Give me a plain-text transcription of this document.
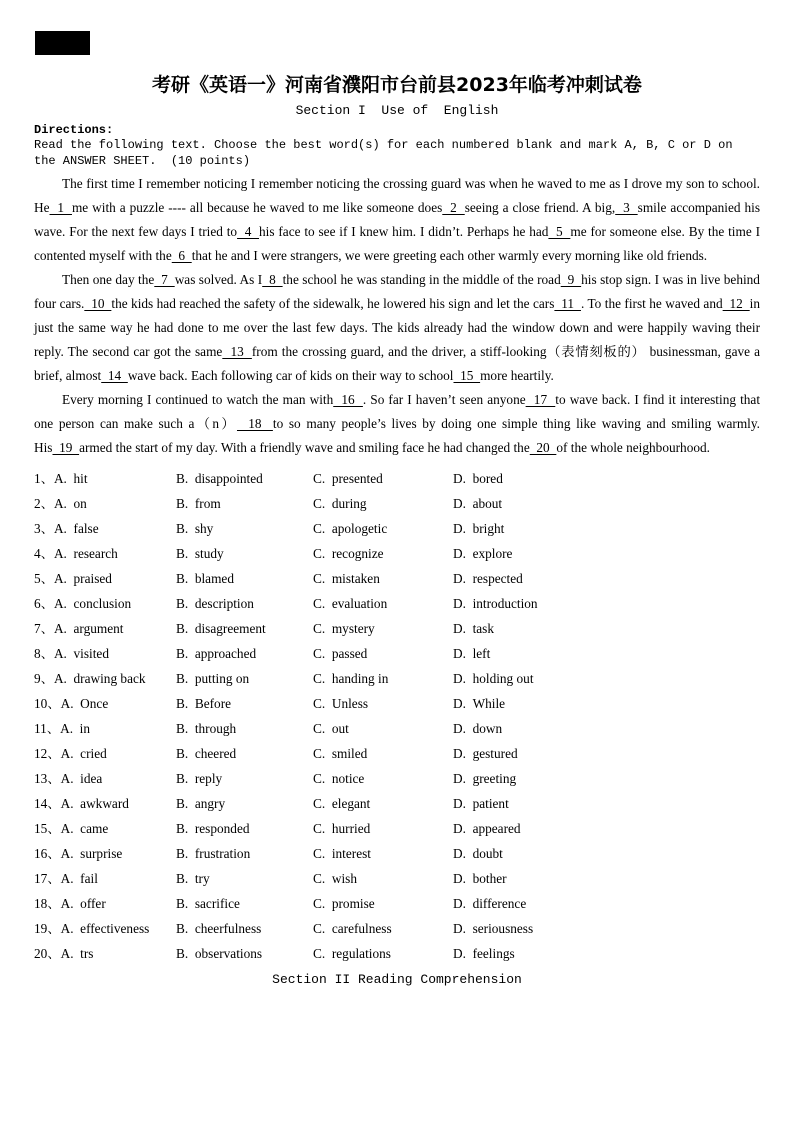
考研《英语一》河南省濮阳市台前县2023年临考冲刺试卷
Section I  Use of  English
Directions:
Read the following text. Choose the best word(s) for each numbered blank and mark A, B, C or D on the ANSWER SHEET.  (10 points)

The first time I remember noticing I remember noticing the crossing guard was when he waved to me as I drove my son to school. He  1  me with a puzzle ---- all because he waved to me like someone does  2  seeing a close friend. A big,  3  smile accompanied his wave. For the next few days I tried to  4  his face to see if I knew him. I didn’t. Perhaps he had  5  me for someone else. By the time I contented myself with the  6  that he and I were strangers, we were greeting each other warmly every morning like old friends.

Then one day the  7  was solved. As I  8  the school he was standing in the middle of the road  9  his stop sign. I was in live behind four cars.  10  the kids had reached the safety of the sidewalk, he lowered his sign and let the cars  11  . To the first he waved and  12  in just the same way he had done to me over the last few days. The kids already had the window down and were happily waving their reply. The second car got the same  13  from the crossing guard, and the driver, a stiff-looking（表情刻板的） businessman, gave a brief, almost  14  wave back. Each following car of kids on their way to school  15  more heartily.

Every morning I continued to watch the man with  16  . So far I haven’t seen anyone  17  to wave back. I find it interesting that one person can make such a（n）  18  to so many people’s lives by doing one simple thing like waving and smiling warmly. His  19  armed the start of my day. With a friendly wave and smiling face he had changed the  20  of the whole neighbourhood.

1、A.  hit	B.  disappointed	C.  presented	D.  bored
2、A.  on	B.  from	C.  during	D.  about
3、A.  false	B.  shy	C.  apologetic	D.  bright
4、A.  research	B.  study	C.  recognize	D.  explore
5、A.  praised	B.  blamed	C.  mistaken	D.  respected
6、A.  conclusion	B.  description	C.  evaluation	D.  introduction
7、A.  argument	B.  disagreement	C.  mystery	D.  task
8、A.  visited	B.  approached	C.  passed	D.  left
9、A.  drawing back	B.  putting on	C.  handing in	D.  holding out
10、A.  Once	B.  Before	C.  Unless	D.  While
11、A.  in	B.  through	C.  out	D.  down
12、A.  cried	B.  cheered	C.  smiled	D.  gestured
13、A.  idea	B.  reply	C.  notice	D.  greeting
14、A.  awkward	B.  angry	C.  elegant	D.  patient
15、A.  came	B.  responded	C.  hurried	D.  appeared
16、A.  surprise	B.  frustration	C.  interest	D.  doubt
17、A.  fail	B.  try	C.  wish	D.  bother
18、A.  offer	B.  sacrifice	C.  promise	D.  difference
19、A.  effectiveness	B.  cheerfulness	C.  carefulness	D.  seriousness
20、A.  trs	B.  observations	C.  regulations	D.  feelings
Section II Reading Comprehension
